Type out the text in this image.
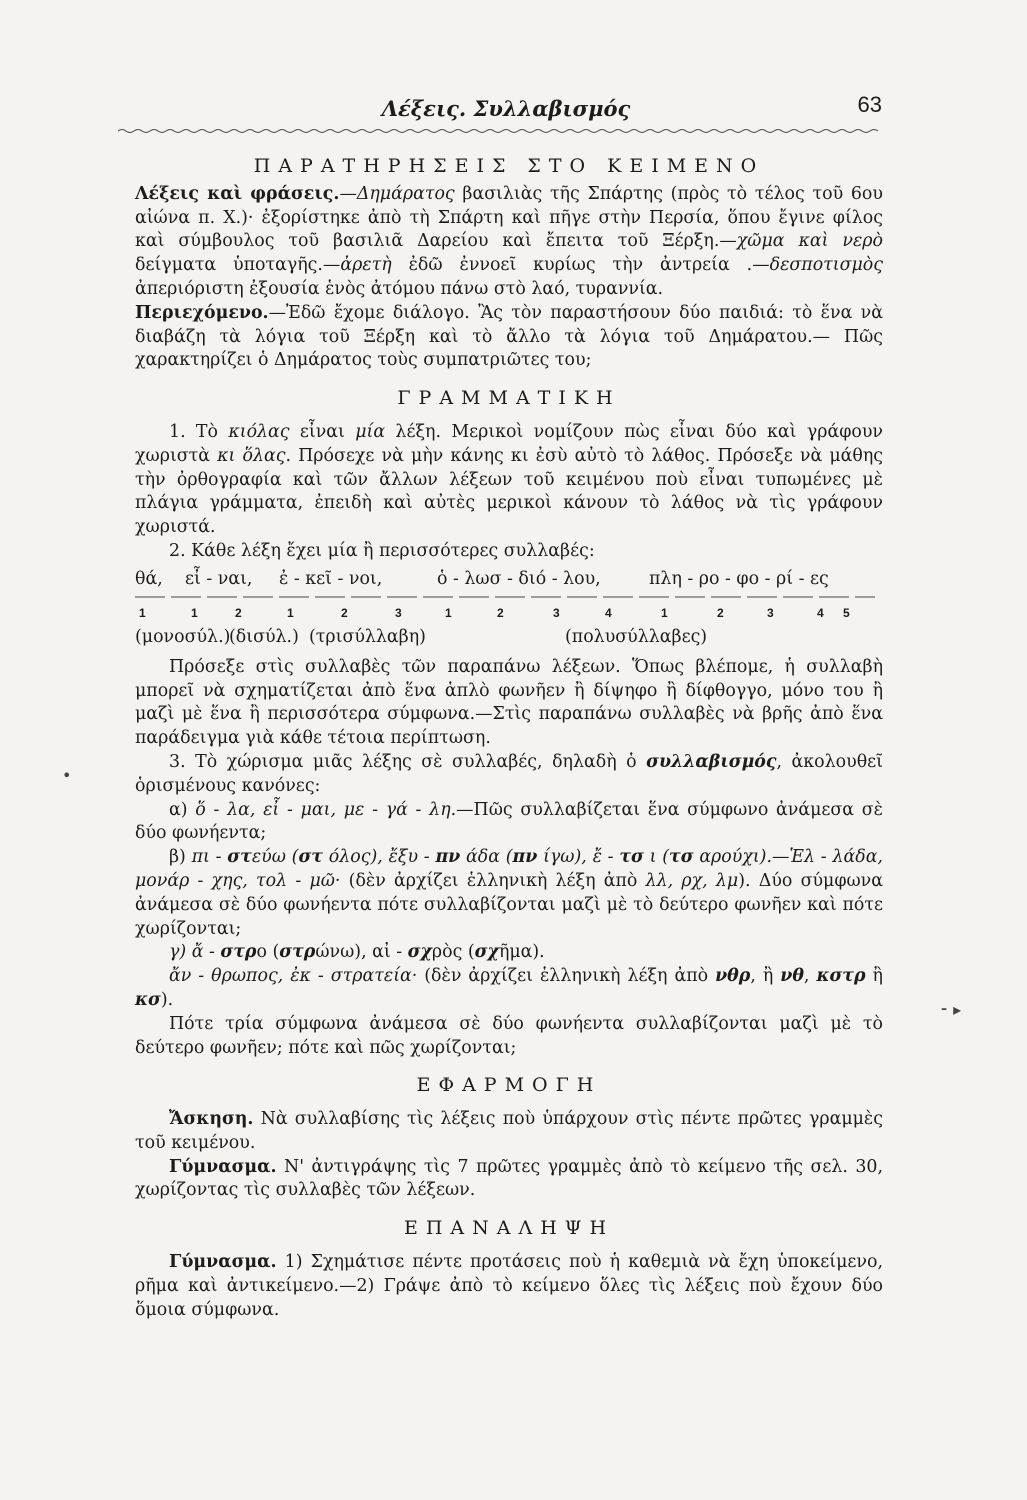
Λέξεις. Συλλαβισμός	63
ΠΑΡΑΤΗΡΗΣΕΙΣ ΣΤΟ ΚΕΙΜΕΝΟ

Λέξεις καὶ φράσεις.—Δημάρατος βασιλιὰς τῆς Σπάρτης (πρὸς τὸ τέλος τοῦ 6ου αἰώνα π. Χ.)· ἐξορίστηκε ἀπὸ τὴ Σπάρτη καὶ πῆγε στὴν Περσία, ὅπου ἔγινε φίλος καὶ σύμβουλος τοῦ βασιλιᾶ Δαρείου καὶ ἔπειτα τοῦ Ξέρξη.—χῶμα καὶ νερὸ δείγματα ὑποταγῆς.—ἀρετὴ ἐδῶ ἐννοεῖ κυρίως τὴν ἀντρεία .—δεσποτισμὸς ἀπεριόριστη ἐξουσία ἑνὸς ἀτόμου πάνω στὸ λαό, τυραννία.

Περιεχόμενο.—Ἐδῶ ἔχομε διάλογο. Ἂς τὸν παραστήσουν δύο παιδιά: τὸ ἕνα νὰ διαβάζη τὰ λόγια τοῦ Ξέρξη καὶ τὸ ἄλλο τὰ λόγια τοῦ Δημάρατου.— Πῶς χαρακτηρίζει ὁ Δημάρατος τοὺς συμπατριῶτες του;

ΓΡΑΜΜΑΤΙΚΗ

1. Τὸ κιόλας εἶναι μία λέξη. Μερικοὶ νομίζουν πὼς εἶναι δύο καὶ γράφουν χωριστὰ κι ὅλας. Πρόσεχε νὰ μὴν κάνης κι ἐσὺ αὐτὸ τὸ λάθος. Πρόσεξε νὰ μάθης τὴν ὀρθογραφία καὶ τῶν ἄλλων λέξεων τοῦ κειμένου ποὺ εἶναι τυπωμένες μὲ πλάγια γράμματα, ἐπειδὴ καὶ αὐτὲς μερικοὶ κάνουν τὸ λάθος νὰ τὶς γράφουν χωριστά.

2. Κάθε λέξη ἔχει μία ἢ περισσότερες συλλαβές:

θά, εἶ - ναι, ἐ - κεῖ - νοι,	ὁ - λωσ - διό - λου,	πλη - ρο - φο - ρί - ες
1	1	2	1	2	3	1	2	3	4	1	2	3	4 5
(μονοσύλ.)
(δισύλ.) (τρισύλλαβη)	(πολυσύλλαβες)

Πρόσεξε στὶς συλλαβὲς τῶν παραπάνω λέξεων. Ὅπως βλέπομε, ἡ συλλαβὴ μπορεῖ νὰ σχηματίζεται ἀπὸ ἕνα ἁπλὸ φωνῆεν ἢ δίψηφο ἢ δίφθογγο, μόνο του ἢ μαζὶ μὲ ἕνα ἢ περισσότερα σύμφωνα.—Στὶς παραπάνω συλλαβὲς νὰ βρῆς ἀπὸ ἕνα παράδειγμα γιὰ κάθε τέτοια περίπτωση.

3. Τὸ χώρισμα μιᾶς λέξης σὲ συλλαβές, δηλαδὴ ὁ συλλαβισμός, ἀκολουθεῖ ὁρισμένους κανόνες:

α) ὅ - λα, εἶ - μαι, με - γά - λη.—Πῶς συλλαβίζεται ἕνα σύμφωνο ἀνάμεσα σὲ δύο φωνήεντα;

β) πι - στεύω (στ όλος), ἔξυ - πν άδα (πν ίγω), ἔ - τσ ι (τσ αρούχι).—Ἑλ - λάδα, μονάρ - χης, τολ - μῶ· (δὲν ἀρχίζει ἑλληνικὴ λέξη ἀπὸ λλ, ρχ, λμ). Δύο σύμφωνα ἀνάμεσα σὲ δύο φωνήεντα πότε συλλαβίζονται μαζὶ μὲ τὸ δεύτερο φωνῆεν καὶ πότε χωρίζονται;

γ) ἄ - στρο (στρώνω), αἰ - σχρὸς (σχῆμα).

ἄν - θρωπος, ἐκ - στρατεία· (δὲν ἀρχίζει ἑλληνικὴ λέξη ἀπὸ νθρ, ἢ νθ, κστρ ἢ κσ).

Πότε τρία σύμφωνα ἀνάμεσα σὲ δύο φωνήεντα συλλαβίζονται μαζὶ μὲ τὸ δεύτερο φωνῆεν; πότε καὶ πῶς χωρίζονται;

ΕΦΑΡΜΟΓΗ

Ἄσκηση. Νὰ συλλαβίσης τὶς λέξεις ποὺ ὑπάρχουν στὶς πέντε πρῶτες γραμμὲς τοῦ κειμένου.

Γύμνασμα. Ν' ἀντιγράψης τὶς 7 πρῶτες γραμμὲς ἀπὸ τὸ κείμενο τῆς σελ. 30, χωρίζοντας τὶς συλλαβὲς τῶν λέξεων.

ΕΠΑΝΑΛΗΨΗ

Γύμνασμα. 1) Σχημάτισε πέντε προτάσεις ποὺ ἡ καθεμιὰ νὰ ἔχη ὑποκείμενο, ρῆμα καὶ ἀντικείμενο.—2) Γράψε ἀπὸ τὸ κείμενο ὅλες τὶς λέξεις ποὺ ἔχουν δύο ὅμοια σύμφωνα.

•
⁃ ▸
